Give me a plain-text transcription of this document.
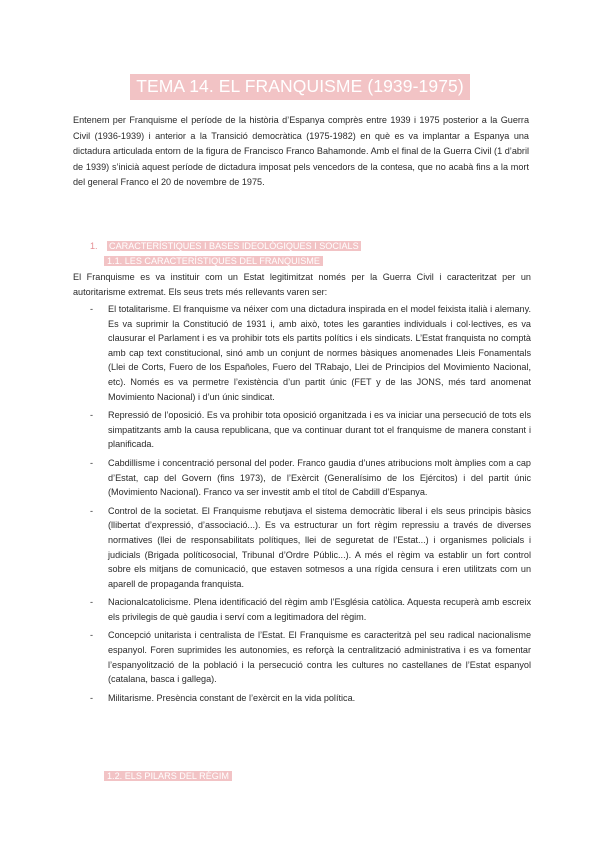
TEMA 14. EL FRANQUISME (1939-1975)

Entenem per Franquisme el període de la història d’Espanya comprès entre 1939 i 1975 posterior a la Guerra Civil (1936-1939) i anterior a la Transició democràtica (1975-1982) en què es va implantar a Espanya una dictadura articulada entorn de la figura de Francisco Franco Bahamonde. Amb el final de la Guerra Civil (1 d’abril de 1939) s’inicià aquest període de dictadura imposat pels vencedors de la contesa, que no acabà fins a la mort del general Franco el 20 de novembre de 1975.

1. CARACTERÍSTIQUES I BASES IDEOLÒGIQUES I SOCIALS
1.1. LES CARACTERÍSTIQUES DEL FRANQUISME

El Franquisme es va instituir com un Estat legitimitzat només per la Guerra Civil i caracteritzat per un autoritarisme extremat. Els seus trets més rellevants varen ser:

- El totalitarisme. El franquisme va néixer com una dictadura inspirada en el model feixista italià i alemany. Es va suprimir la Constitució de 1931 i, amb això, totes les garanties individuals i col·lectives, es va clausurar el Parlament i es va prohibir tots els partits polítics i els sindicats. L’Estat franquista no comptà amb cap text constitucional, sinó amb un conjunt de normes bàsiques anomenades Lleis Fonamentals (Llei de Corts, Fuero de los Españoles, Fuero del TRabajo, Llei de Principios del Movimiento Nacional, etc). Només es va permetre l’existència d’un partit únic (FET y de las JONS, més tard anomenat Movimiento Nacional) i d’un únic sindicat.
- Repressió de l’oposició. Es va prohibir tota oposició organitzada i es va iniciar una persecució de tots els simpatitzants amb la causa republicana, que va continuar durant tot el franquisme de manera constant i planificada.
- Cabdillisme i concentració personal del poder. Franco gaudia d’unes atribucions molt àmplies com a cap d’Estat, cap del Govern (fins 1973), de l’Exèrcit (Generalísimo de los Ejércitos) i del partit únic (Movimiento Nacional). Franco va ser investit amb el títol de Cabdill d’Espanya.
- Control de la societat. El Franquisme rebutjava el sistema democràtic liberal i els seus principis bàsics (llibertat d’expressió, d’associació...). Es va estructurar un fort règim repressiu a través de diverses normatives (llei de responsabilitats polítiques, llei de seguretat de l’Estat...) i organismes policials i judicials (Brigada políticosocial, Tribunal d’Ordre Públic...). A més el règim va establir un fort control sobre els mitjans de comunicació, que estaven sotmesos a una rígida censura i eren utilitzats com un aparell de propaganda franquista.
- Nacionalcatolicisme. Plena identificació del règim amb l’Església catòlica. Aquesta recuperà amb escreix els privilegis de què gaudia i serví com a legitimadora del règim.
- Concepció unitarista i centralista de l’Estat. El Franquisme es caracteritzà pel seu radical nacionalisme espanyol. Foren suprimides les autonomies, es reforçà la centralització administrativa i es va fomentar l’espanyolització de la població i la persecució contra les cultures no castellanes de l’Estat espanyol (catalana, basca i gallega).
- Militarisme. Presència constant de l’exèrcit en la vida política.
1.2. ELS PILARS DEL RÈGIM
